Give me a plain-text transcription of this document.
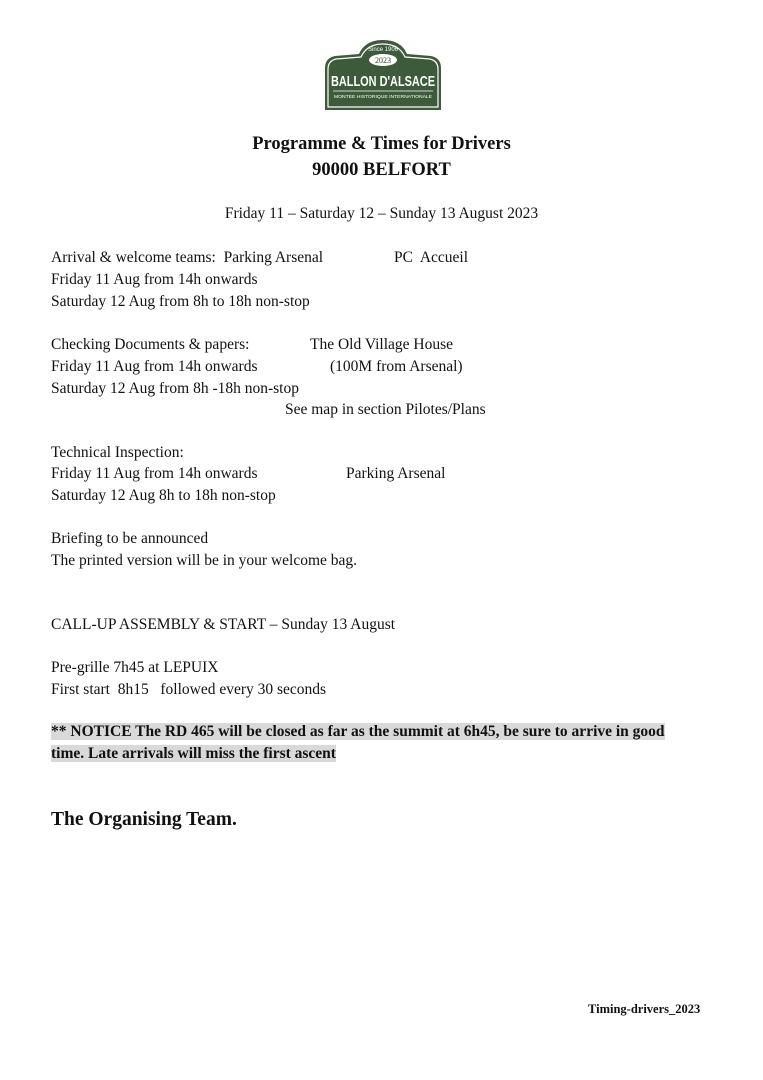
Since 1906
2023
BALLON D'ALSACE
MONTEE HISTORIQUE INTERNATIONALE
Programme & Times for Drivers
90000 BELFORT
Friday 11 – Saturday 12 – Sunday 13 August 2023
Arrival & welcome teams:  Parking Arsenal	PC  Accueil
Friday 11 Aug from 14h onwards
Saturday 12 Aug from 8h to 18h non-stop
Checking Documents & papers:	The Old Village House
Friday 11 Aug from 14h onwards	(100M from Arsenal)
Saturday 12 Aug from 8h -18h non-stop
See map in section Pilotes/Plans
Technical Inspection:
Friday 11 Aug from 14h onwards	Parking Arsenal
Saturday 12 Aug 8h to 18h non-stop
Briefing to be announced
The printed version will be in your welcome bag.
CALL-UP ASSEMBLY & START – Sunday 13 August
Pre-grille 7h45 at LEPUIX
First start  8h15   followed every 30 seconds
** NOTICE The RD 465 will be closed as far as the summit at 6h45, be sure to arrive in good time. Late arrivals will miss the first ascent
The Organising Team.
Timing-drivers_2023
